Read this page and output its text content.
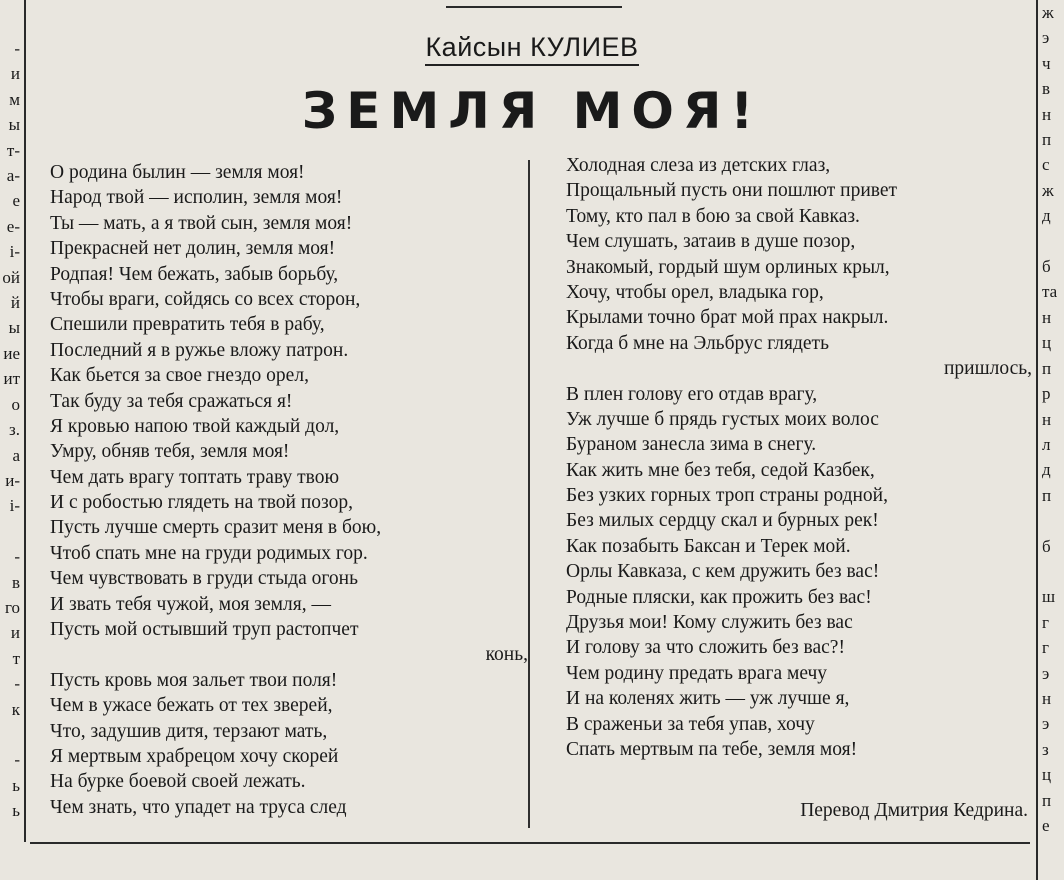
-
и
м
ы
т-
а-
е
е-
i-
ой
й
ы
ие
ит
о
з.
а
и-
i-

-
в
го
и
т
-
к

-
ь
ь
ж
э
ч
в
н
п
с
ж
д

б
та
н
ц
п
р
н
л
д
п

б

ш
г
г
э
н
э
з
ц
п
е
Кайсын КУЛИЕВ
ЗЕМЛЯ МОЯ!
О родина былин — земля моя!
Народ твой — исполин, земля моя!
Ты — мать, а я твой сын, земля моя!
Прекрасней нет долин, земля моя!
Родпая! Чем бежать, забыв борьбу,
Чтобы враги, сойдясь со всех сторон,
Спешили превратить тебя в рабу,
Последний я в ружье вложу патрон.
Как бьется за свое гнездо орел,
Так буду за тебя сражаться я!
Я кровью напою твой каждый дол,
Умру, обняв тебя, земля моя!
Чем дать врагу топтать траву твою
И с робостью глядеть на твой позор,
Пусть лучше смерть сразит меня в бою,
Чтоб спать мне на груди родимых гор.
Чем чувствовать в груди стыда огонь
И звать тебя чужой, моя земля, —
Пусть мой остывший труп растопчет
конь,
Пусть кровь моя зальет твои поля!
Чем в ужасе бежать от тех зверей,
Что, задушив дитя, терзают мать,
Я мертвым храбрецом хочу скорей
На бурке боевой своей лежать.
Чем знать, что упадет на труса след
Холодная слеза из детских глаз,
Прощальный пусть они пошлют привет
Тому, кто пал в бою за свой Кавказ.
Чем слушать, затаив в душе позор,
Знакомый, гордый шум орлиных крыл,
Хочу, чтобы орел, владыка гор,
Крылами точно брат мой прах накрыл.
Когда б мне на Эльбрус глядеть
пришлось,
В плен голову его отдав врагу,
Уж лучше б прядь густых моих волос
Бураном занесла зима в снегу.
Как жить мне без тебя, седой Казбек,
Без узких горных троп страны родной,
Без милых сердцу скал и бурных рек!
Как позабыть Баксан и Терек мой.
Орлы Кавказа, с кем дружить без вас!
Родные пляски, как прожить без вас!
Друзья мои! Кому служить без вас
И голову за что сложить без вас?!
Чем родину предать врага мечу
И на коленях жить — уж лучше я,
В сраженьи за тебя упав, хочу
Спать мертвым па тебе, земля моя!
Перевод Дмитрия Кедрина.
